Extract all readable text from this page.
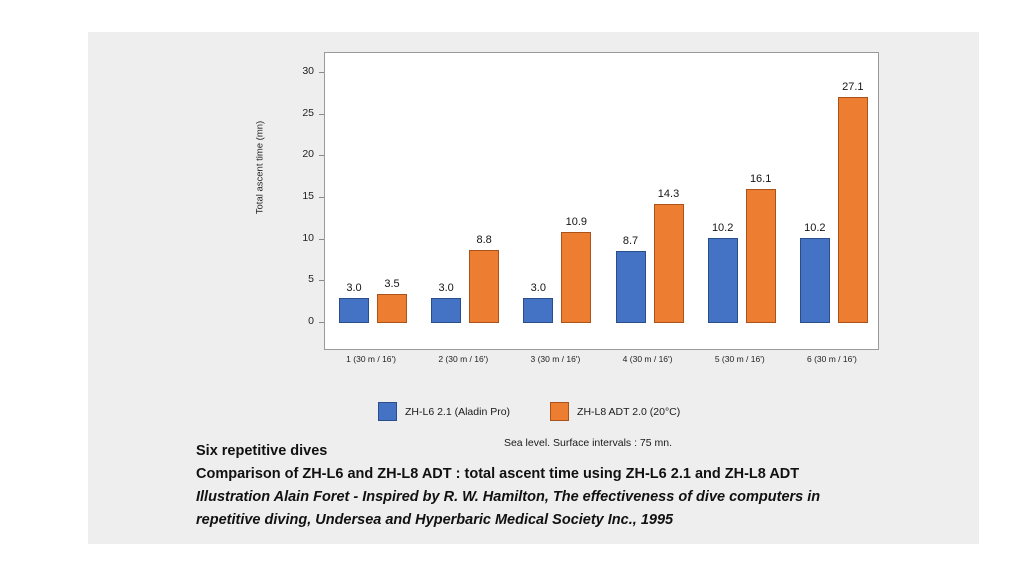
Total ascent time (mn)
0
5
10
15
20
25
30
3.0	3.5	3.0
8.8
3.0
10.9
8.7
14.3
10.2
16.1
10.2
27.1
1 (30 m / 16')	2 (30 m / 16')	3 (30 m / 16')	4 (30 m / 16')	5 (30 m / 16')	6 (30 m / 16')
ZH-L6 2.1 (Aladin Pro)	ZH-L8 ADT 2.0 (20°C)
Sea level. Surface intervals : 75 mn.
Six repetitive dives
Comparison of ZH-L6 and ZH-L8 ADT : total ascent time using ZH-L6 2.1 and ZH-L8 ADT
Illustration Alain Foret - Inspired by R. W. Hamilton, The effectiveness of dive computers in
repetitive diving, Undersea and Hyperbaric Medical Society Inc., 1995
